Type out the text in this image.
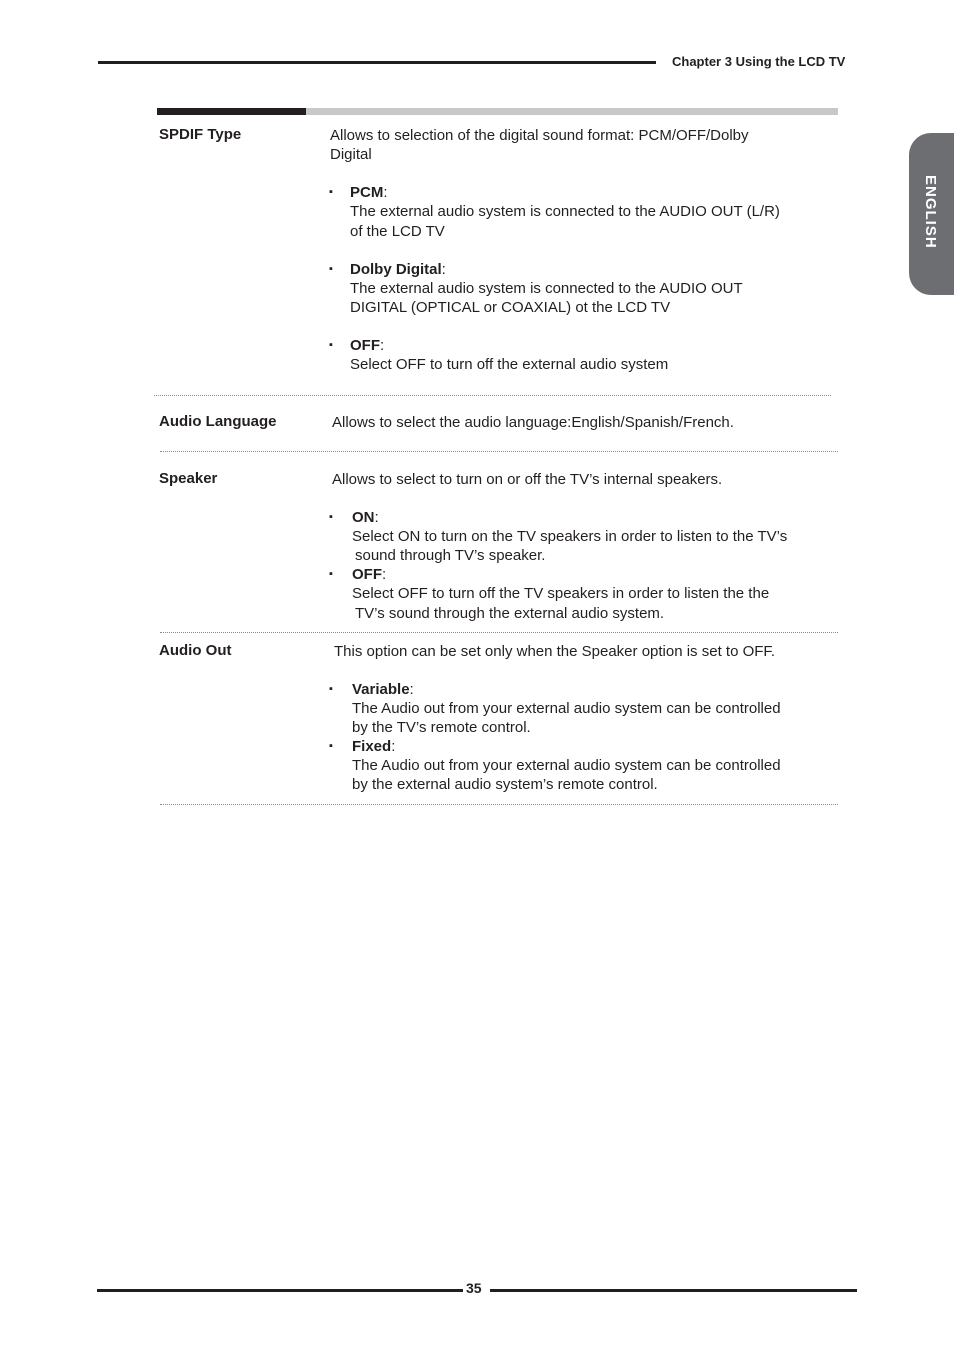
Chapter 3 Using the LCD TV
ENGLISH
SPDIF Type	Allows to selection of the digital sound format: PCM/OFF/Dolby
Digital
▪ PCM:
The external audio system is connected to the AUDIO OUT (L/R)
of the LCD TV
▪ Dolby Digital:
The external audio system is connected to the AUDIO OUT
DIGITAL (OPTICAL or COAXIAL) ot the LCD TV
▪ OFF:
Select OFF to turn off the external audio system
Audio Language	Allows to select the audio language:English/Spanish/French.
Speaker	Allows to select to turn on or off the TV’s internal speakers.
▪ ON:
Select ON to turn on the TV speakers in order to listen to the TV’s
sound through TV’s speaker.
▪ OFF:
Select OFF to turn off the TV speakers in order to listen the the
TV’s sound through the external audio system.
Audio Out	This option can be set only when the Speaker option is set to OFF.
▪ Variable:
The Audio out from your external audio system can be controlled
by the TV’s remote control.
▪ Fixed:
The Audio out from your external audio system can be controlled
by the external audio system’s remote control.
35
